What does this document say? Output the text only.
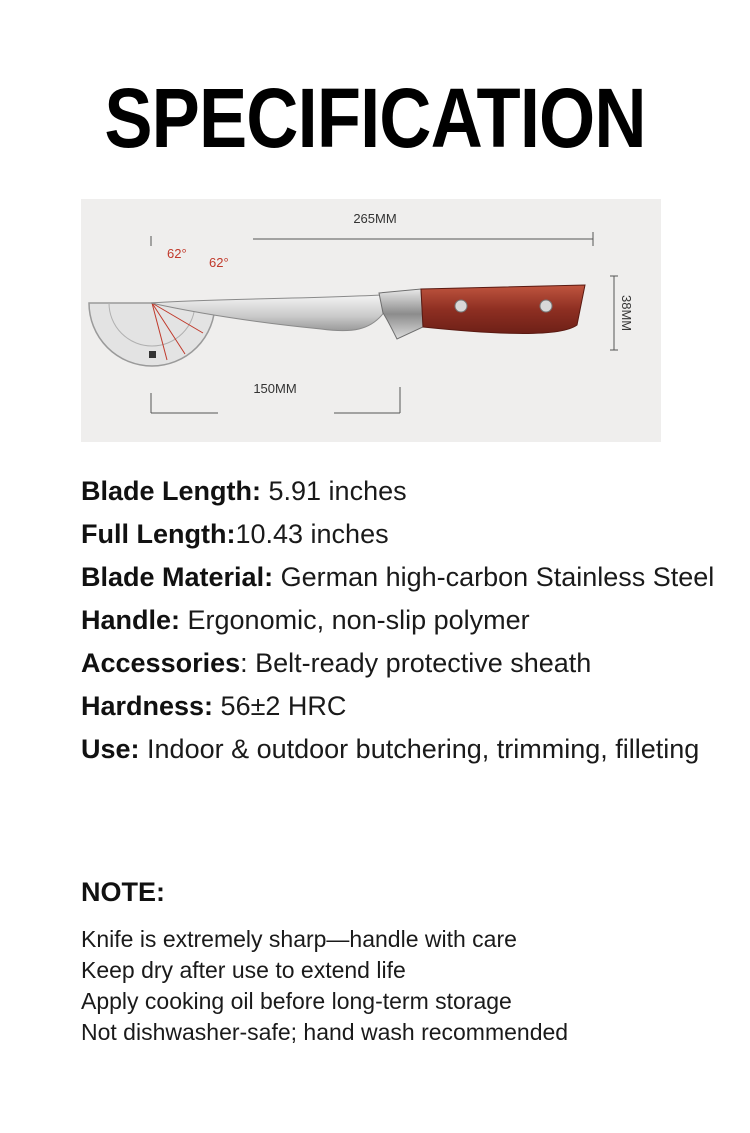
SPECIFICATION
265MM
62°
62°
38MM
150MM

Blade Length: 5.91 inches

Full Length:10.43 inches

Blade Material: German high-carbon Stainless Steel

Handle: Ergonomic, non-slip polymer

Accessories: Belt-ready protective sheath

Hardness: 56±2 HRC

Use: Indoor & outdoor butchering, trimming, filleting

NOTE:
Knife is extremely sharp—handle with care
Keep dry after use to extend life
Apply cooking oil before long-term storage
Not dishwasher-safe; hand wash recommended
